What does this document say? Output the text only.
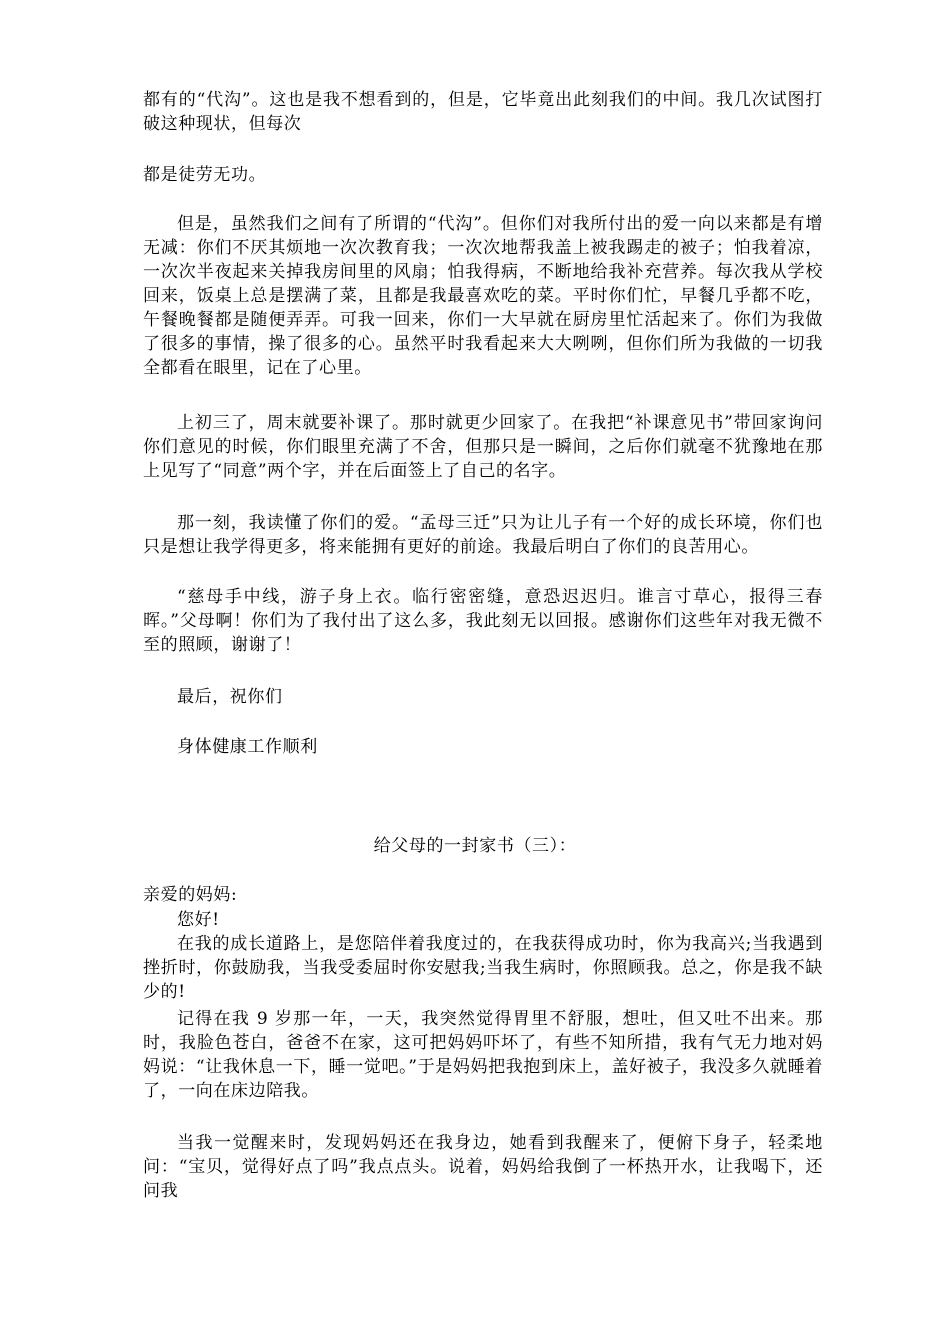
都有的“代沟”。这也是我不想看到的，但是，它毕竟出此刻我们的中间。我几次试图打破这种现状，但每次

都是徒劳无功。

但是，虽然我们之间有了所谓的“代沟”。但你们对我所付出的爱一向以来都是有增无减：你们不厌其烦地一次次教育我；一次次地帮我盖上被我踢走的被子；怕我着凉，一次次半夜起来关掉我房间里的风扇；怕我得病，不断地给我补充营养。每次我从学校回来，饭桌上总是摆满了菜，且都是我最喜欢吃的菜。平时你们忙，早餐几乎都不吃，午餐晚餐都是随便弄弄。可我一回来，你们一大早就在厨房里忙活起来了。你们为我做了很多的事情，操了很多的心。虽然平时我看起来大大咧咧，但你们所为我做的一切我全都看在眼里，记在了心里。

上初三了，周末就要补课了。那时就更少回家了。在我把“补课意见书”带回家询问你们意见的时候，你们眼里充满了不舍，但那只是一瞬间，之后你们就毫不犹豫地在那上见写了“同意”两个字，并在后面签上了自己的名字。

那一刻，我读懂了你们的爱。“孟母三迁”只为让儿子有一个好的成长环境，你们也只是想让我学得更多，将来能拥有更好的前途。我最后明白了你们的良苦用心。

“慈母手中线，游子身上衣。临行密密缝，意恐迟迟归。谁言寸草心，报得三春晖。”父母啊！你们为了我付出了这么多，我此刻无以回报。感谢你们这些年对我无微不至的照顾，谢谢了！

最后，祝你们

身体健康工作顺利

给父母的一封家书（三）：

亲爱的妈妈:

您好!

在我的成长道路上，是您陪伴着我度过的，在我获得成功时，你为我高兴;当我遇到挫折时，你鼓励我，当我受委屈时你安慰我;当我生病时，你照顾我。总之，你是我不缺少的!

记得在我 9 岁那一年，一天，我突然觉得胃里不舒服，想吐，但又吐不出来。那时，我脸色苍白，爸爸不在家，这可把妈妈吓坏了，有些不知所措，我有气无力地对妈妈说：“让我休息一下，睡一觉吧。”于是妈妈把我抱到床上，盖好被子，我没多久就睡着了，一向在床边陪我。

当我一觉醒来时，发现妈妈还在我身边，她看到我醒来了，便俯下身子，轻柔地问：“宝贝，觉得好点了吗”我点点头。说着，妈妈给我倒了一杯热开水，让我喝下，还问我
